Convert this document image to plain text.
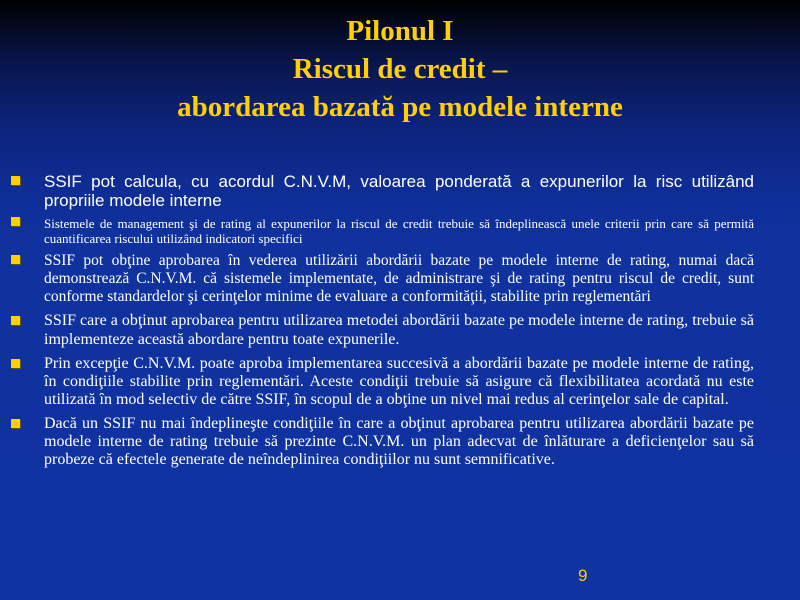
Pilonul I
Riscul de credit –
abordarea bazată pe modele interne
SSIF pot calcula, cu acordul C.N.V.M, valoarea ponderată a expunerilor la risc utilizând propriile modele interne
Sistemele de management şi de rating al expunerilor la riscul de credit trebuie să îndeplinească unele criterii prin care să permită cuantificarea riscului utilizând indicatori specifici
SSIF pot obţine aprobarea în vederea utilizării abordării bazate pe modele interne de rating, numai dacă demonstrează C.N.V.M. că sistemele implementate, de administrare şi de rating pentru riscul de credit, sunt conforme standardelor şi cerinţelor minime de evaluare a conformităţii, stabilite prin reglementări
SSIF care a obţinut aprobarea pentru utilizarea metodei abordării bazate pe modele interne de rating, trebuie să implementeze această abordare pentru toate expunerile.
Prin excepţie C.N.V.M. poate aproba implementarea succesivă a abordării bazate pe modele interne de rating, în condiţiile stabilite prin reglementări. Aceste condiţii trebuie să asigure că flexibilitatea acordată nu este utilizată în mod selectiv de către SSIF, în scopul de a obţine un nivel mai redus al cerinţelor sale de capital.
Dacă un SSIF nu mai îndeplineşte condiţiile în care a obţinut aprobarea pentru utilizarea abordării bazate pe modele interne de rating trebuie să prezinte C.N.V.M. un plan adecvat de înlăturare a deficienţelor sau să probeze că efectele generate de neîndeplinirea condiţiilor nu sunt semnificative.
9
